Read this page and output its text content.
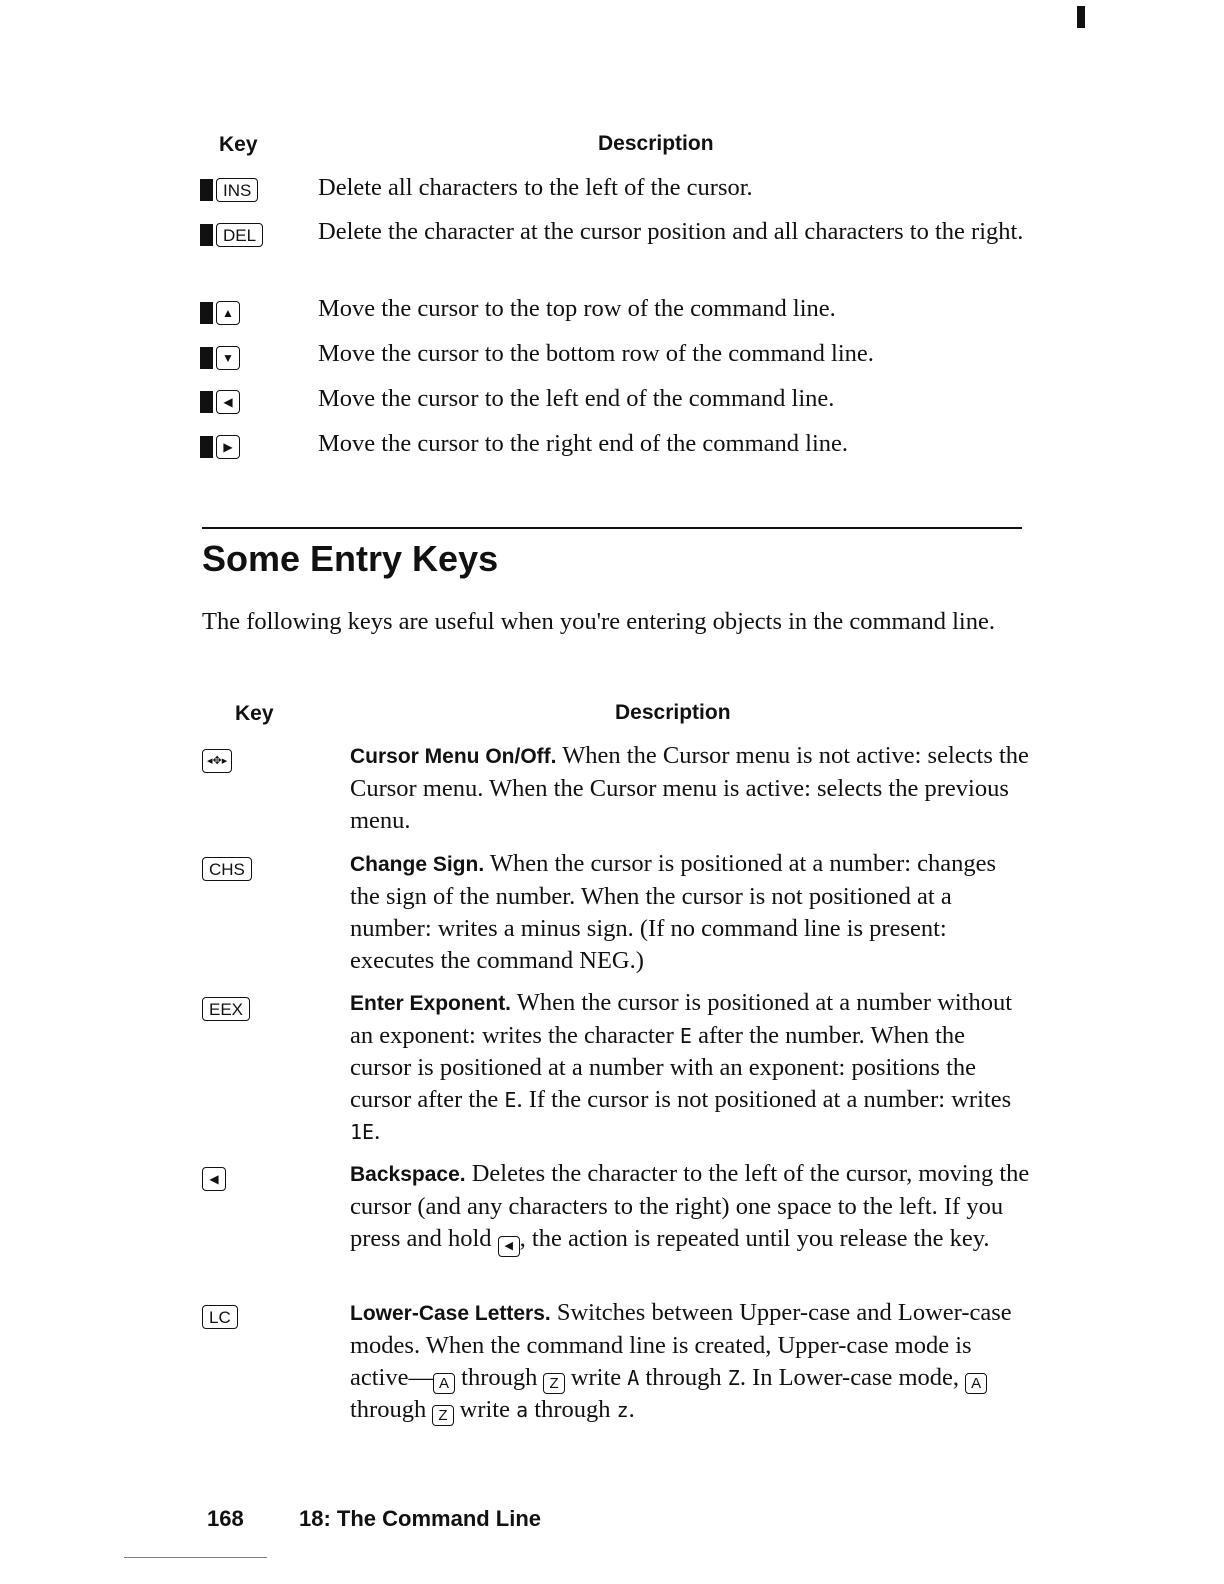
Key	Description
INS	Delete all characters to the left of the cursor.
DEL	Delete the character at the cursor position and all characters to the right.
▲	Move the cursor to the top row of the command line.
▼	Move the cursor to the bottom row of the command line.
◀	Move the cursor to the left end of the command line.
▶	Move the cursor to the right end of the command line.
Some Entry Keys
The following keys are useful when you're entering objects in the command line.
Key	Description
◂✥▸	Cursor Menu On/Off. When the Cursor menu is not active: selects the Cursor menu. When the Cursor menu is active: selects the previous menu.
CHS	Change Sign. When the cursor is positioned at a number: changes the sign of the number. When the cursor is not positioned at a number: writes a minus sign. (If no command line is present: executes the command NEG.)
EEX	Enter Exponent. When the cursor is positioned at a number without an exponent: writes the character E after the number. When the cursor is positioned at a number with an exponent: positions the cursor after the E. If the cursor is not positioned at a number: writes 1E.
◀	Backspace. Deletes the character to the left of the cursor, moving the cursor (and any characters to the right) one space to the left. If you press and hold ◀ , the action is repeated until you release the key.
LC	Lower-Case Letters. Switches between Upper-case and Lower-case modes. When the command line is created, Upper-case mode is active— A through Z write A through Z. In Lower-case mode, A through Z write a through z.
168	18: The Command Line
